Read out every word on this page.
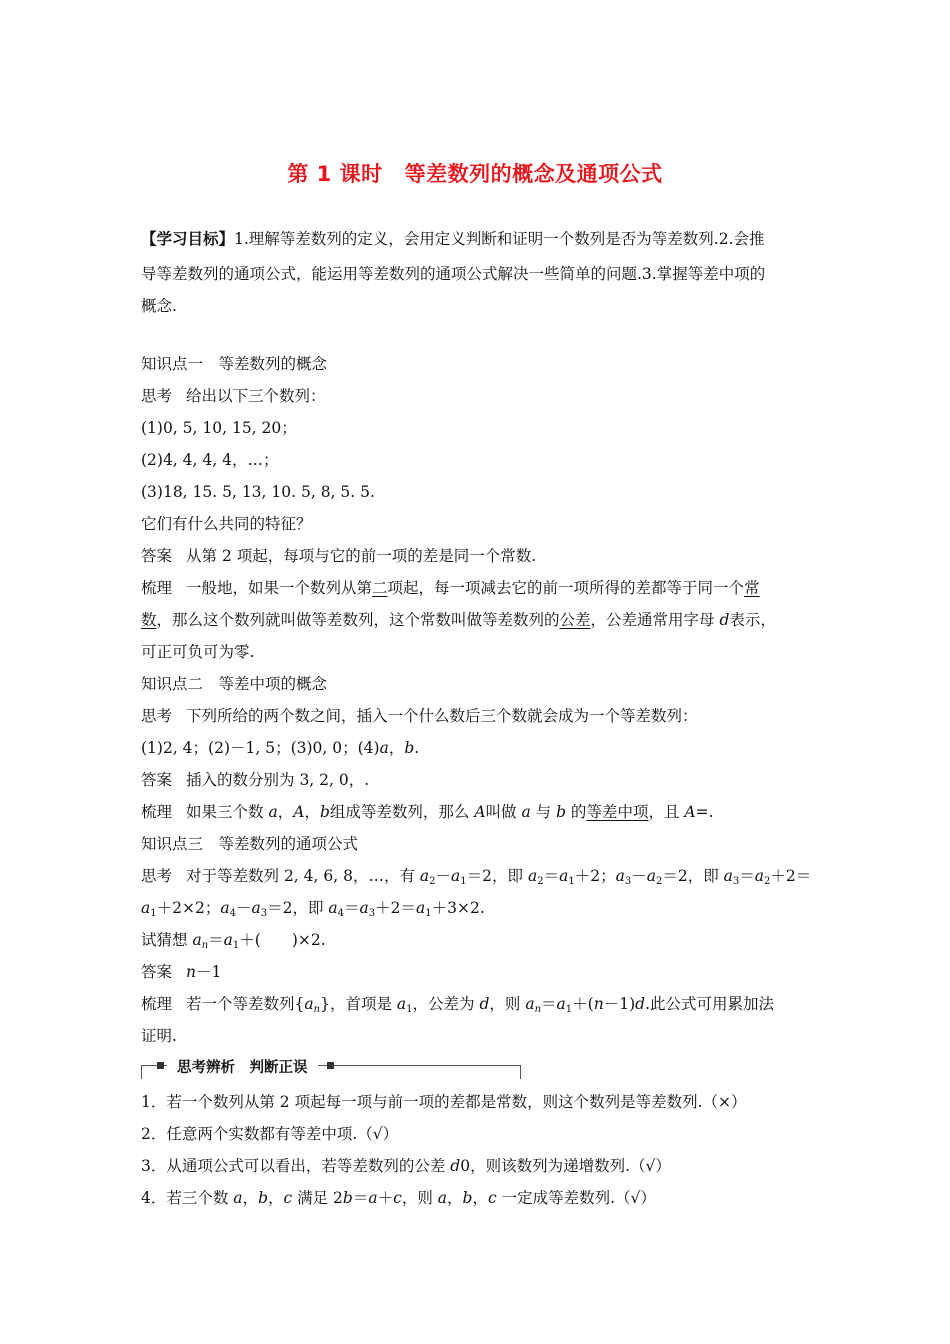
第 1 课时 等差数列的概念及通项公式
【学习目标】1.理解等差数列的定义，会用定义判断和证明一个数列是否为等差数列.2.会推
导等差数列的通项公式，能运用等差数列的通项公式解决一些简单的问题.3.掌握等差中项的
概念.
知识点一　等差数列的概念
思考 给出以下三个数列：
(1)0, 5, 10, 15, 20；
(2)4, 4, 4, 4，…；
(3)18, 15. 5, 13, 10. 5, 8, 5. 5.
它们有什么共同的特征？
答案 从第 2 项起，每项与它的前一项的差是同一个常数.
梳理 一般地，如果一个数列从第二项起，每一项减去它的前一项所得的差都等于同一个常
数，那么这个数列就叫做等差数列，这个常数叫做等差数列的公差，公差通常用字母 d表示，
可正可负可为零.
知识点二　等差中项的概念
思考 下列所给的两个数之间，插入一个什么数后三个数就会成为一个等差数列：
(1)2, 4；(2)－1, 5；(3)0, 0；(4)a，b.
答案 插入的数分别为 3, 2, 0，.
梳理 如果三个数 a，A，b组成等差数列，那么 A叫做 a 与 b 的等差中项，且 A=.
知识点三　等差数列的通项公式
思考 对于等差数列 2, 4, 6, 8，…，有 $a_2-a_1=2$，即 $a_2=a_1+2$；$a_3-a_2=2$，即 $a_3=a_2+2=$
$a_1+2\times 2$；$a_4-a_3=2$，即 $a_4=a_3+2=a_1+3\times 2$.
试猜想 $a_n=a_1+$(　　)×2.
答案 n－1
梳理 若一个等差数列$\{a_n\}$，首项是 $a_1$，公差为 d，则 $a_n=a_1+(n-1)d$.此公式可用累加法
证明.
思考辨析　判断正误
1．若一个数列从第 2 项起每一项与前一项的差都是常数，则这个数列是等差数列.（×）
2．任意两个实数都有等差中项.（√）
3．从通项公式可以看出，若等差数列的公差 d0，则该数列为递增数列.（√）
4．若三个数 a，b，c 满足 2b＝a＋c，则 a，b，c 一定成等差数列.（√）
